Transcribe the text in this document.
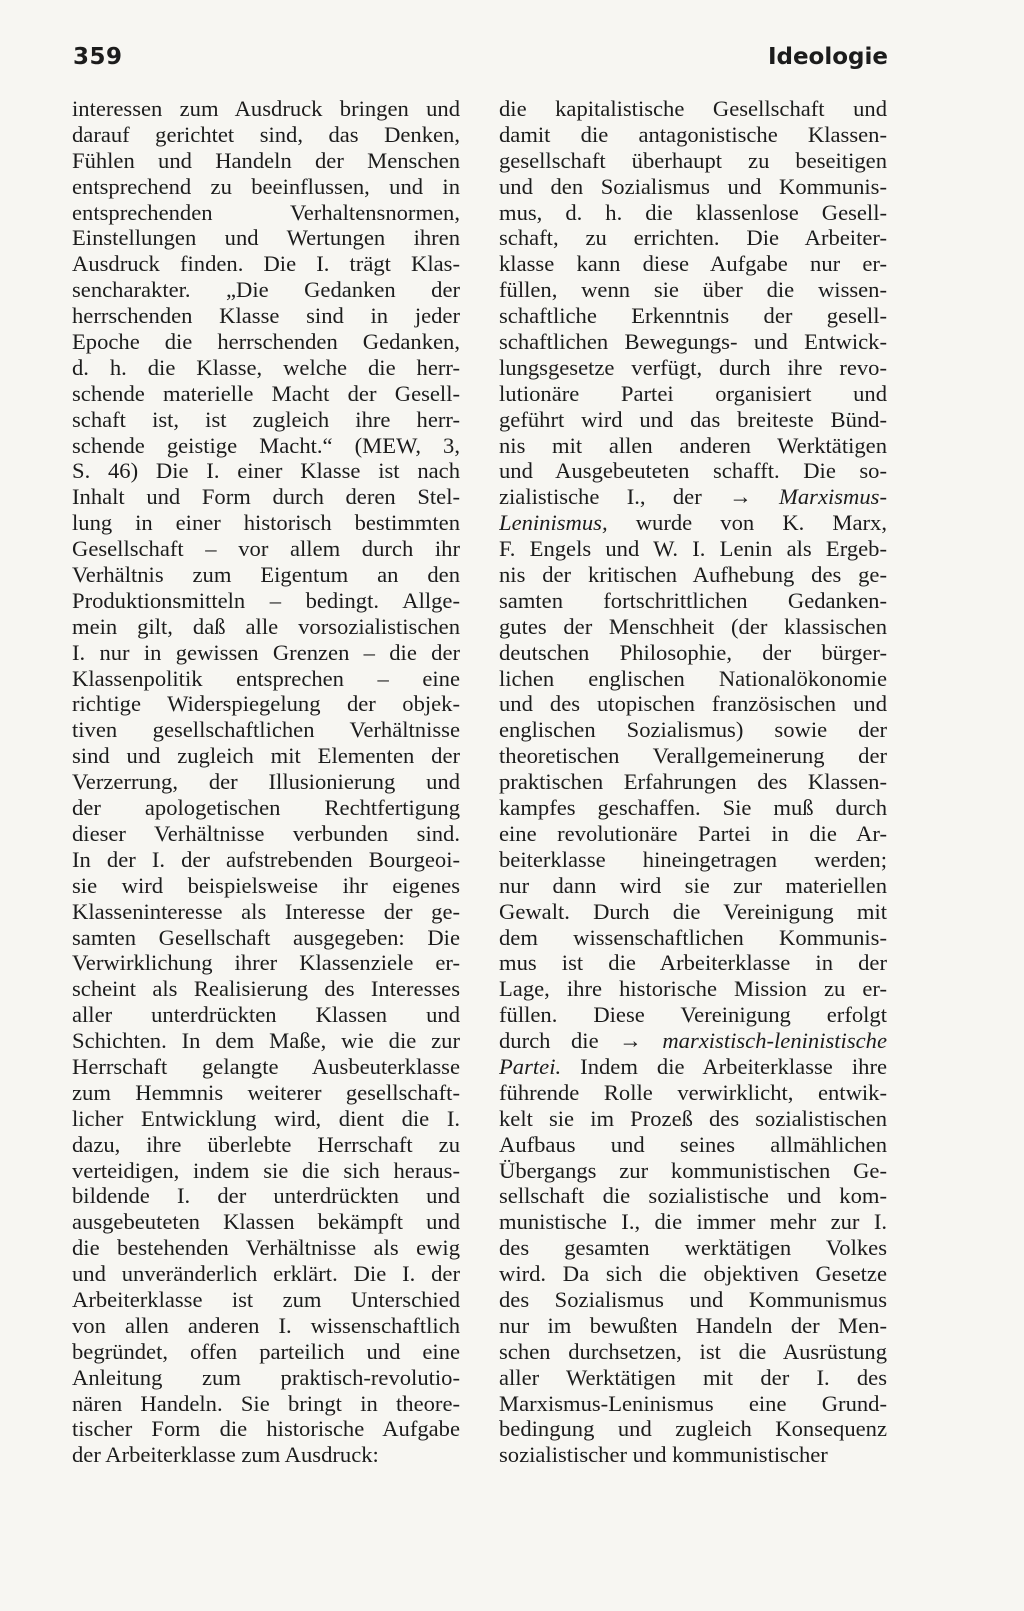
359	Ideologie
interessen zum Ausdruck bringen und
darauf gerichtet sind, das Denken,
Fühlen und Handeln der Menschen
entsprechend zu beeinflussen, und in
entsprechenden Verhaltensnormen,
Einstellungen und Wertungen ihren
Ausdruck finden. Die I. trägt Klas-
sencharakter. „Die Gedanken der
herrschenden Klasse sind in jeder
Epoche die herrschenden Gedanken,
d. h. die Klasse, welche die herr-
schende materielle Macht der Gesell-
schaft ist, ist zugleich ihre herr-
schende geistige Macht.“ (MEW, 3,
S. 46) Die I. einer Klasse ist nach
Inhalt und Form durch deren Stel-
lung in einer historisch bestimmten
Gesellschaft – vor allem durch ihr
Verhältnis zum Eigentum an den
Produktionsmitteln – bedingt. Allge-
mein gilt, daß alle vorsozialistischen
I. nur in gewissen Grenzen – die der
Klassenpolitik entsprechen – eine
richtige Widerspiegelung der objek-
tiven gesellschaftlichen Verhältnisse
sind und zugleich mit Elementen der
Verzerrung, der Illusionierung und
der apologetischen Rechtfertigung
dieser Verhältnisse verbunden sind.
In der I. der aufstrebenden Bourgeoi-
sie wird beispielsweise ihr eigenes
Klasseninteresse als Interesse der ge-
samten Gesellschaft ausgegeben: Die
Verwirklichung ihrer Klassenziele er-
scheint als Realisierung des Interesses
aller unterdrückten Klassen und
Schichten. In dem Maße, wie die zur
Herrschaft gelangte Ausbeuterklasse
zum Hemmnis weiterer gesellschaft-
licher Entwicklung wird, dient die I.
dazu, ihre überlebte Herrschaft zu
verteidigen, indem sie die sich heraus-
bildende I. der unterdrückten und
ausgebeuteten Klassen bekämpft und
die bestehenden Verhältnisse als ewig
und unveränderlich erklärt. Die I. der
Arbeiterklasse ist zum Unterschied
von allen anderen I. wissenschaftlich
begründet, offen parteilich und eine
Anleitung zum praktisch-revolutio-
nären Handeln. Sie bringt in theore-
tischer Form die historische Aufgabe
der Arbeiterklasse zum Ausdruck:
die kapitalistische Gesellschaft und
damit die antagonistische Klassen-
gesellschaft überhaupt zu beseitigen
und den Sozialismus und Kommunis-
mus, d. h. die klassenlose Gesell-
schaft, zu errichten. Die Arbeiter-
klasse kann diese Aufgabe nur er-
füllen, wenn sie über die wissen-
schaftliche Erkenntnis der gesell-
schaftlichen Bewegungs- und Entwick-
lungsgesetze verfügt, durch ihre revo-
lutionäre Partei organisiert und
geführt wird und das breiteste Bünd-
nis mit allen anderen Werktätigen
und Ausgebeuteten schafft. Die so-
zialistische I., der → Marxismus-
Leninismus, wurde von K. Marx,
F. Engels und W. I. Lenin als Ergeb-
nis der kritischen Aufhebung des ge-
samten fortschrittlichen Gedanken-
gutes der Menschheit (der klassischen
deutschen Philosophie, der bürger-
lichen englischen Nationalökonomie
und des utopischen französischen und
englischen Sozialismus) sowie der
theoretischen Verallgemeinerung der
praktischen Erfahrungen des Klassen-
kampfes geschaffen. Sie muß durch
eine revolutionäre Partei in die Ar-
beiterklasse hineingetragen werden;
nur dann wird sie zur materiellen
Gewalt. Durch die Vereinigung mit
dem wissenschaftlichen Kommunis-
mus ist die Arbeiterklasse in der
Lage, ihre historische Mission zu er-
füllen. Diese Vereinigung erfolgt
durch die → marxistisch-leninistische
Partei. Indem die Arbeiterklasse ihre
führende Rolle verwirklicht, entwik-
kelt sie im Prozeß des sozialistischen
Aufbaus und seines allmählichen
Übergangs zur kommunistischen Ge-
sellschaft die sozialistische und kom-
munistische I., die immer mehr zur I.
des gesamten werktätigen Volkes
wird. Da sich die objektiven Gesetze
des Sozialismus und Kommunismus
nur im bewußten Handeln der Men-
schen durchsetzen, ist die Ausrüstung
aller Werktätigen mit der I. des
Marxismus-Leninismus eine Grund-
bedingung und zugleich Konsequenz
sozialistischer und kommunistischer
